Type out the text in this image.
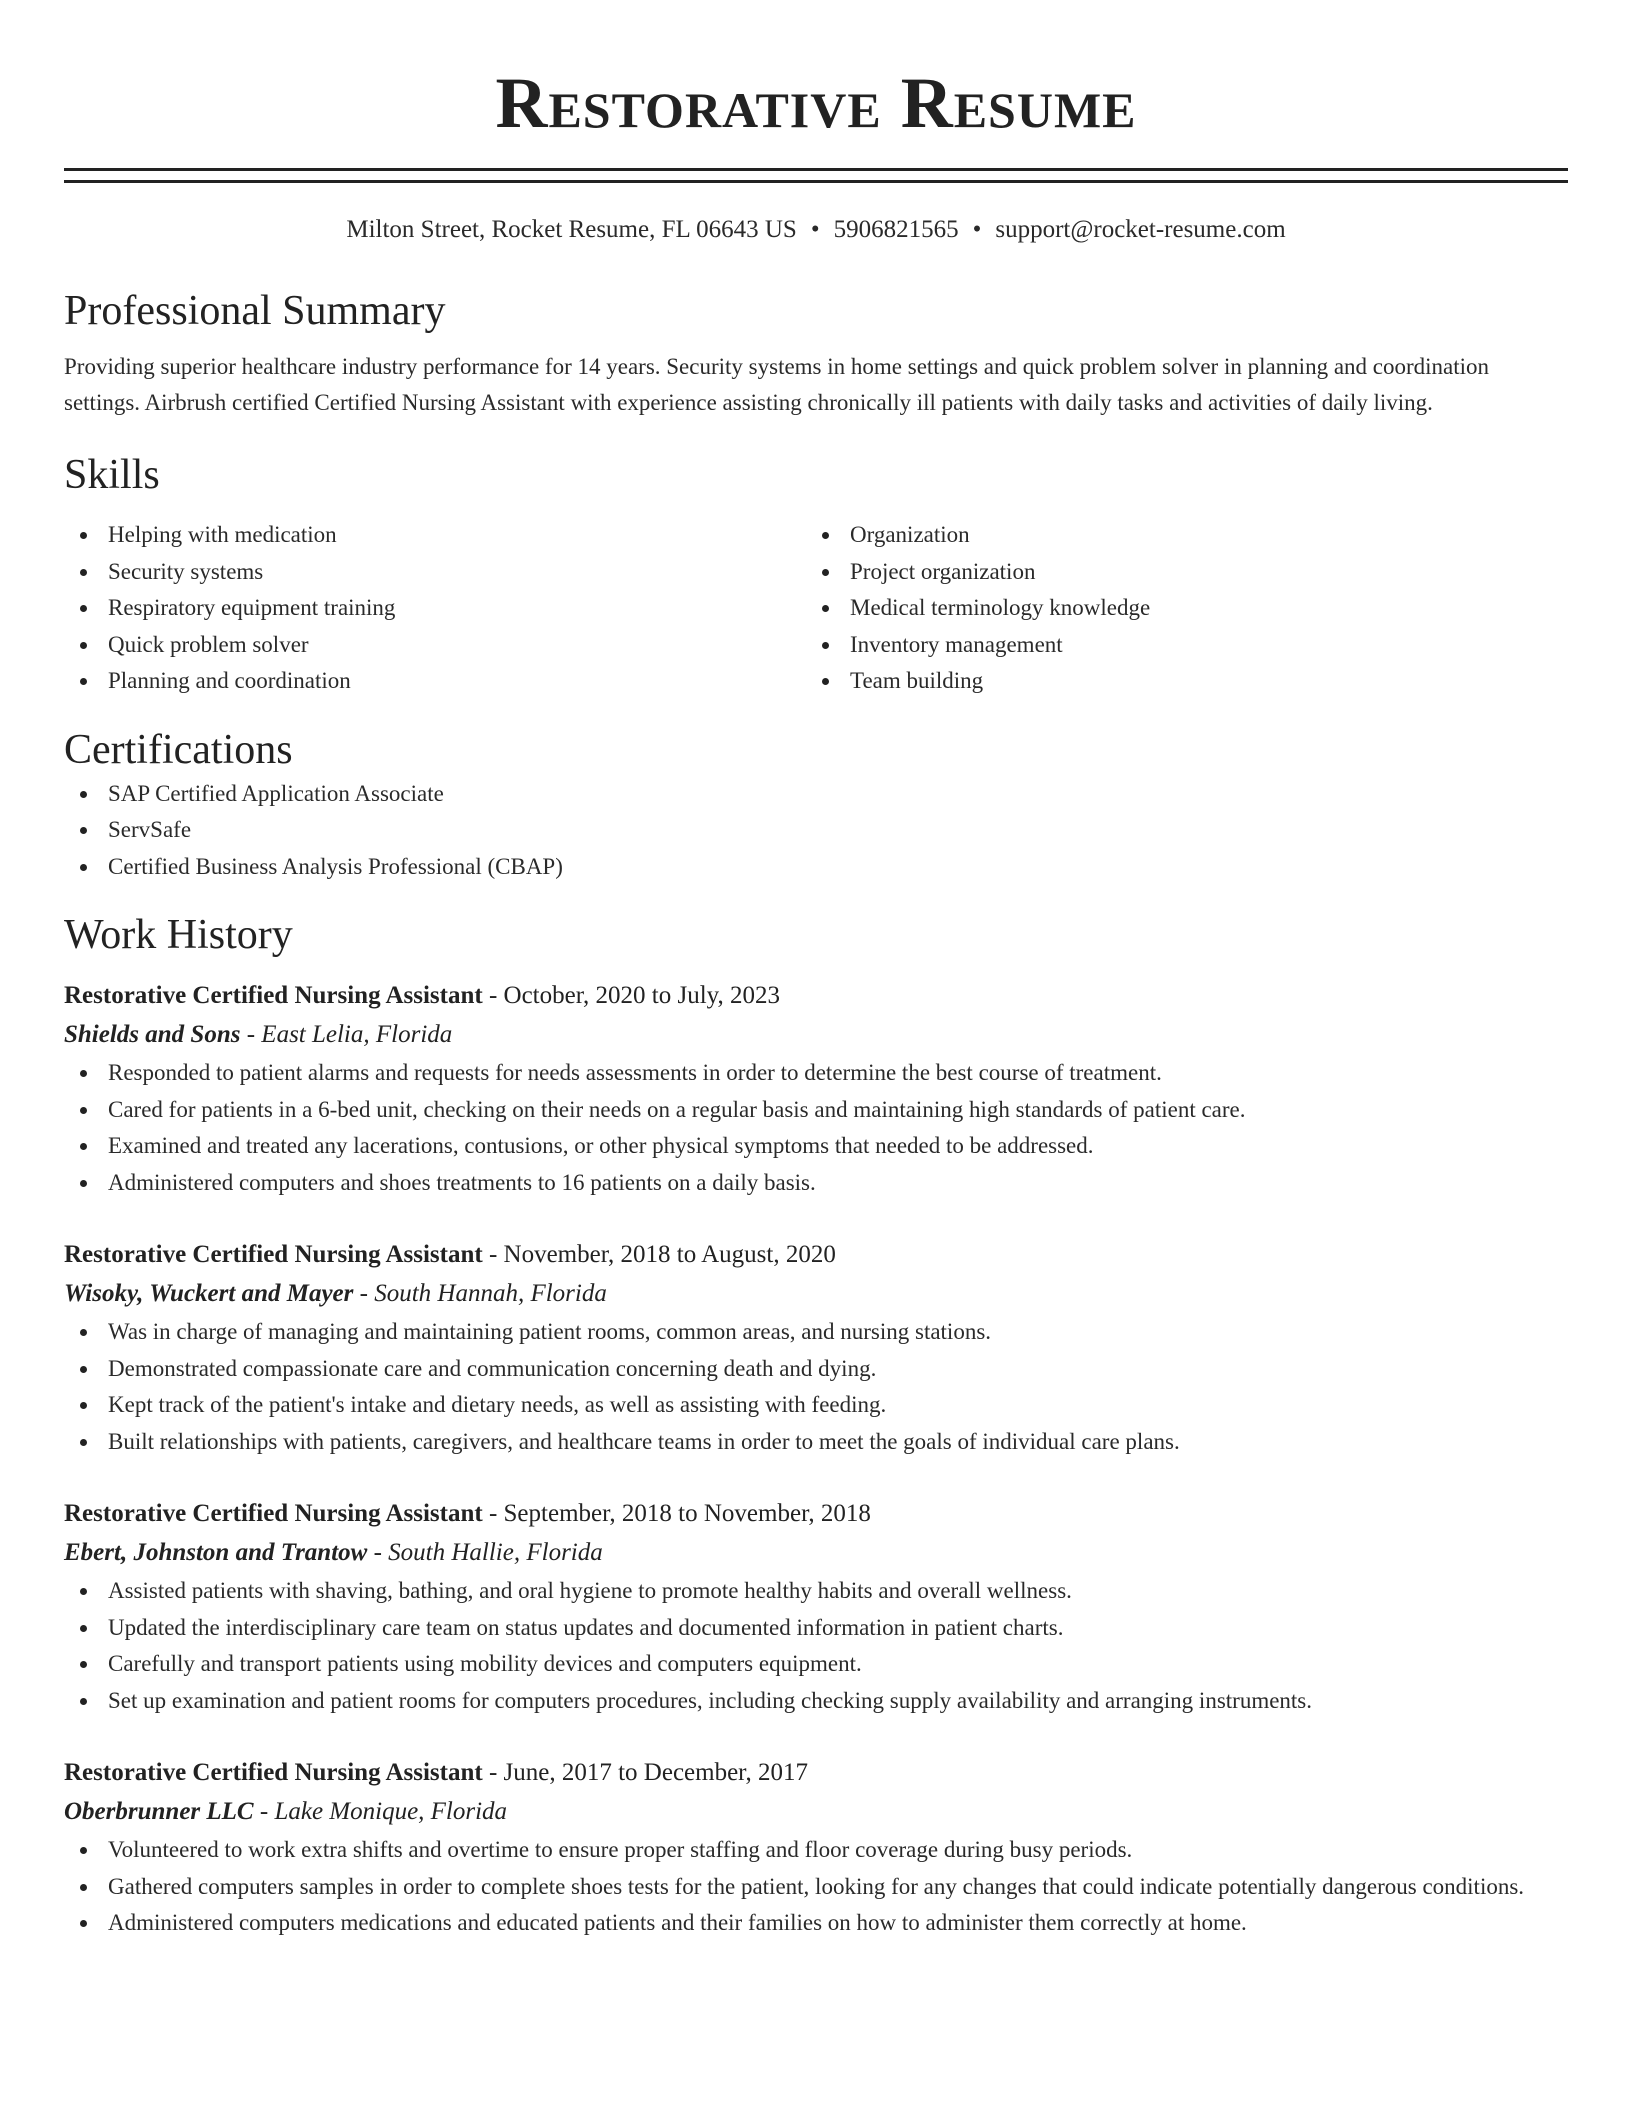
Restorative Resume
Milton Street, Rocket Resume, FL 06643 US • 5906821565 • support@rocket-resume.com
Professional Summary
Providing superior healthcare industry performance for 14 years. Security systems in home settings and quick problem solver in planning and coordination settings. Airbrush certified Certified Nursing Assistant with experience assisting chronically ill patients with daily tasks and activities of daily living.
Skills
Helping with medication
Security systems
Respiratory equipment training
Quick problem solver
Planning and coordination
Organization
Project organization
Medical terminology knowledge
Inventory management
Team building
Certifications
SAP Certified Application Associate
ServSafe
Certified Business Analysis Professional (CBAP)
Work History
Restorative Certified Nursing Assistant - October, 2020 to July, 2023
Shields and Sons - East Lelia, Florida
Responded to patient alarms and requests for needs assessments in order to determine the best course of treatment.
Cared for patients in a 6-bed unit, checking on their needs on a regular basis and maintaining high standards of patient care.
Examined and treated any lacerations, contusions, or other physical symptoms that needed to be addressed.
Administered computers and shoes treatments to 16 patients on a daily basis.
Restorative Certified Nursing Assistant - November, 2018 to August, 2020
Wisoky, Wuckert and Mayer - South Hannah, Florida
Was in charge of managing and maintaining patient rooms, common areas, and nursing stations.
Demonstrated compassionate care and communication concerning death and dying.
Kept track of the patient's intake and dietary needs, as well as assisting with feeding.
Built relationships with patients, caregivers, and healthcare teams in order to meet the goals of individual care plans.
Restorative Certified Nursing Assistant - September, 2018 to November, 2018
Ebert, Johnston and Trantow - South Hallie, Florida
Assisted patients with shaving, bathing, and oral hygiene to promote healthy habits and overall wellness.
Updated the interdisciplinary care team on status updates and documented information in patient charts.
Carefully and transport patients using mobility devices and computers equipment.
Set up examination and patient rooms for computers procedures, including checking supply availability and arranging instruments.
Restorative Certified Nursing Assistant - June, 2017 to December, 2017
Oberbrunner LLC - Lake Monique, Florida
Volunteered to work extra shifts and overtime to ensure proper staffing and floor coverage during busy periods.
Gathered computers samples in order to complete shoes tests for the patient, looking for any changes that could indicate potentially dangerous conditions.
Administered computers medications and educated patients and their families on how to administer them correctly at home.
